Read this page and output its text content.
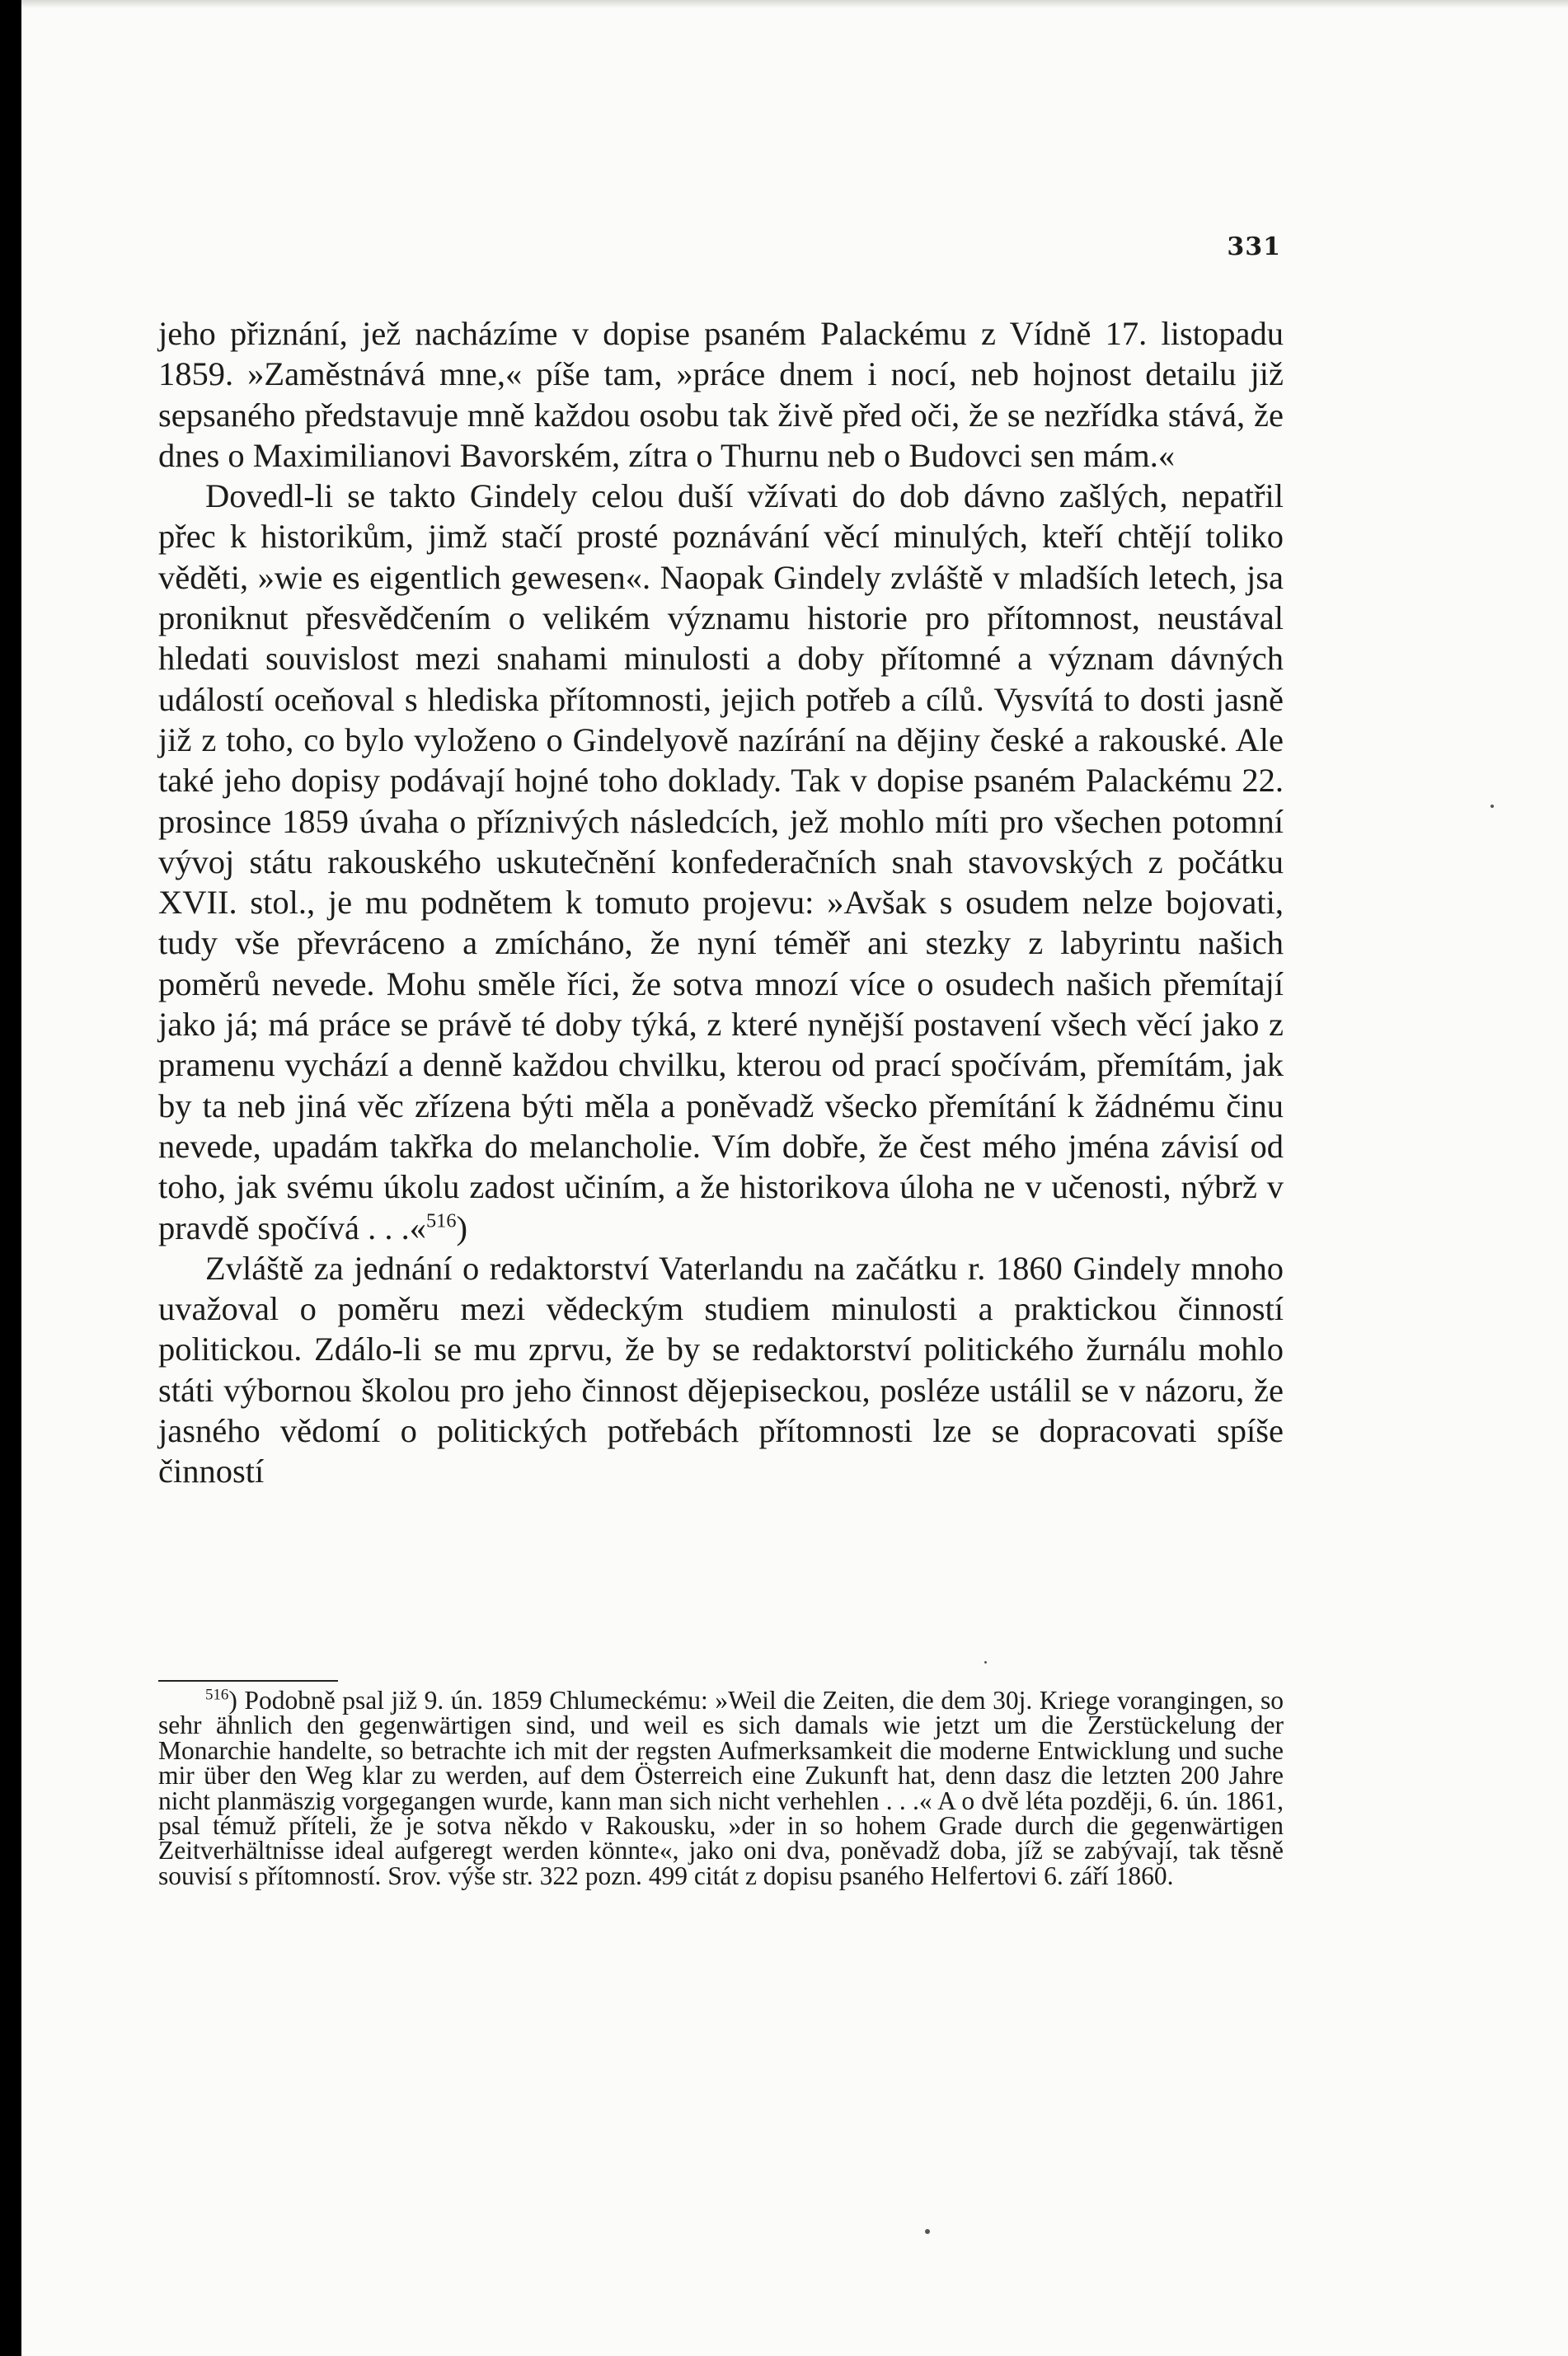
331

jeho přiznání, jež nacházíme v dopise psaném Palackému z Vídně 17. listopadu 1859. »Zaměstnává mne,« píše tam, »práce dnem i nocí, neb hojnost detailu již sepsaného představuje mně každou osobu tak živě před oči, že se nezřídka stává, že dnes o Maximilianovi Bavorském, zítra o Thurnu neb o Budovci sen mám.«

Dovedl-li se takto Gindely celou duší vžívati do dob dávno zašlých, nepatřil přec k historikům, jimž stačí prosté poznávání věcí minulých, kteří chtějí toliko věděti, »wie es eigentlich gewesen«. Naopak Gindely zvláště v mladších letech, jsa proniknut přesvědčením o velikém významu historie pro přítomnost, neustával hledati souvislost mezi snahami minulosti a doby přítomné a význam dávných událostí oceňoval s hlediska přítomnosti, jejich potřeb a cílů. Vysvítá to dosti jasně již z toho, co bylo vyloženo o Gindelyově nazírání na dějiny české a rakouské. Ale také jeho dopisy podávají hojné toho doklady. Tak v dopise psaném Palackému 22. prosince 1859 úvaha o příznivých následcích, jež mohlo míti pro všechen potomní vývoj státu rakouského uskutečnění konfederačních snah stavovských z počátku XVII. stol., je mu podnětem k tomuto projevu: »Avšak s osudem nelze bojovati, tudy vše převráceno a zmícháno, že nyní téměř ani stezky z labyrintu našich poměrů nevede. Mohu směle říci, že sotva mnozí více o osudech našich přemítají jako já; má práce se právě té doby týká, z které nynější postavení všech věcí jako z pramenu vychází a denně každou chvilku, kterou od prací spočívám, přemítám, jak by ta neb jiná věc zřízena býti měla a poněvadž všecko přemítání k žádnému činu nevede, upadám takřka do melancholie. Vím dobře, že čest mého jména závisí od toho, jak svému úkolu zadost učiním, a že historikova úloha ne v učenosti, nýbrž v pravdě spočívá . . .«$^{516}$)

Zvláště za jednání o redaktorství Vaterlandu na začátku r. 1860 Gindely mnoho uvažoval o poměru mezi vědeckým studiem minulosti a praktickou činností politickou. Zdálo-li se mu zprvu, že by se redaktorství politického žurnálu mohlo státi výbornou školou pro jeho činnost dějepiseckou, posléze ustálil se v názoru, že jasného vědomí o politických potřebách přítomnosti lze se dopracovati spíše činností

$^{516}$) Podobně psal již 9. ún. 1859 Chlumeckému: »Weil die Zeiten, die dem 30j. Kriege vorangingen, so sehr ähnlich den gegenwärtigen sind, und weil es sich damals wie jetzt um die Zerstückelung der Monarchie handelte, so betrachte ich mit der regsten Aufmerksamkeit die moderne Entwicklung und suche mir über den Weg klar zu werden, auf dem Österreich eine Zukunft hat, denn dasz die letzten 200 Jahre nicht planmäszig vorgegangen wurde, kann man sich nicht verhehlen . . .« A o dvě léta později, 6. ún. 1861, psal témuž příteli, že je sotva někdo v Rakousku, »der in so hohem Grade durch die gegenwärtigen Zeitverhältnisse ideal aufgeregt werden könnte«, jako oni dva, poněvadž doba, jíž se zabývají, tak těsně souvisí s přítomností. Srov. výše str. 322 pozn. 499 citát z dopisu psaného Helfertovi 6. září 1860.
